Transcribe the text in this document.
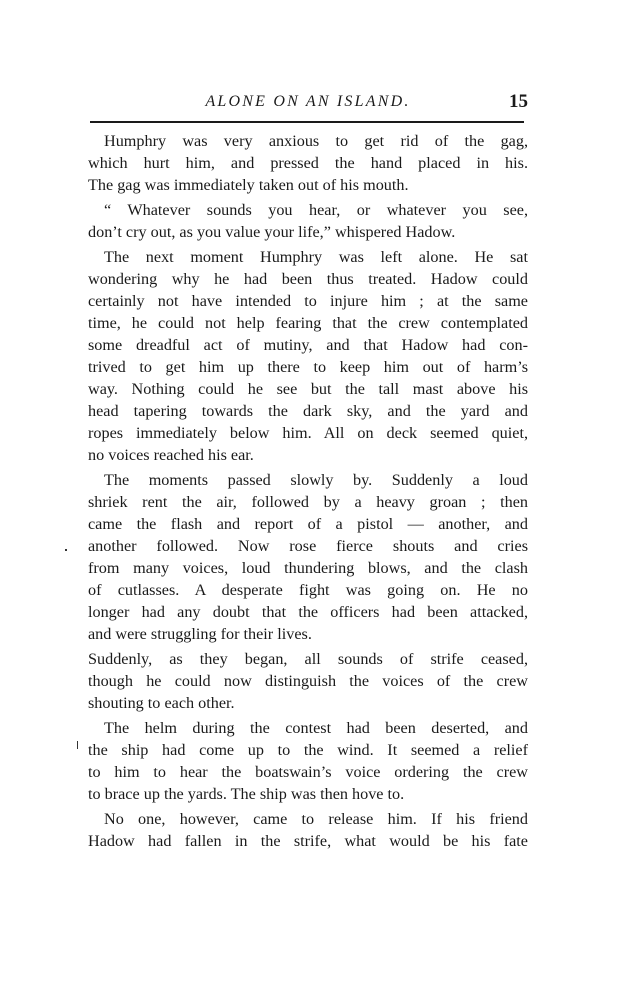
ALONE ON AN ISLAND.	15
Humphry was very anxious to get rid of the gag,
which hurt him, and pressed the hand placed in his.
The gag was immediately taken out of his mouth.
“ Whatever sounds you hear, or whatever you see,
don’t cry out, as you value your life,” whispered Hadow.
The next moment Humphry was left alone. He sat
wondering why he had been thus treated. Hadow could
certainly not have intended to injure him ; at the same
time, he could not help fearing that the crew contemplated
some dreadful act of mutiny, and that Hadow had con-
trived to get him up there to keep him out of harm’s
way. Nothing could he see but the tall mast above his
head tapering towards the dark sky, and the yard and
ropes immediately below him. All on deck seemed quiet,
no voices reached his ear.
The moments passed slowly by. Suddenly a loud
shriek rent the air, followed by a heavy groan ; then
came the flash and report of a pistol — another, and
another followed. Now rose fierce shouts and cries
from many voices, loud thundering blows, and the clash
of cutlasses. A desperate fight was going on. He no
longer had any doubt that the officers had been attacked,
and were struggling for their lives.
Suddenly, as they began, all sounds of strife ceased,
though he could now distinguish the voices of the crew
shouting to each other.
The helm during the contest had been deserted, and
the ship had come up to the wind. It seemed a relief
to him to hear the boatswain’s voice ordering the crew
to brace up the yards. The ship was then hove to.
No one, however, came to release him. If his friend
Hadow had fallen in the strife, what would be his fate
